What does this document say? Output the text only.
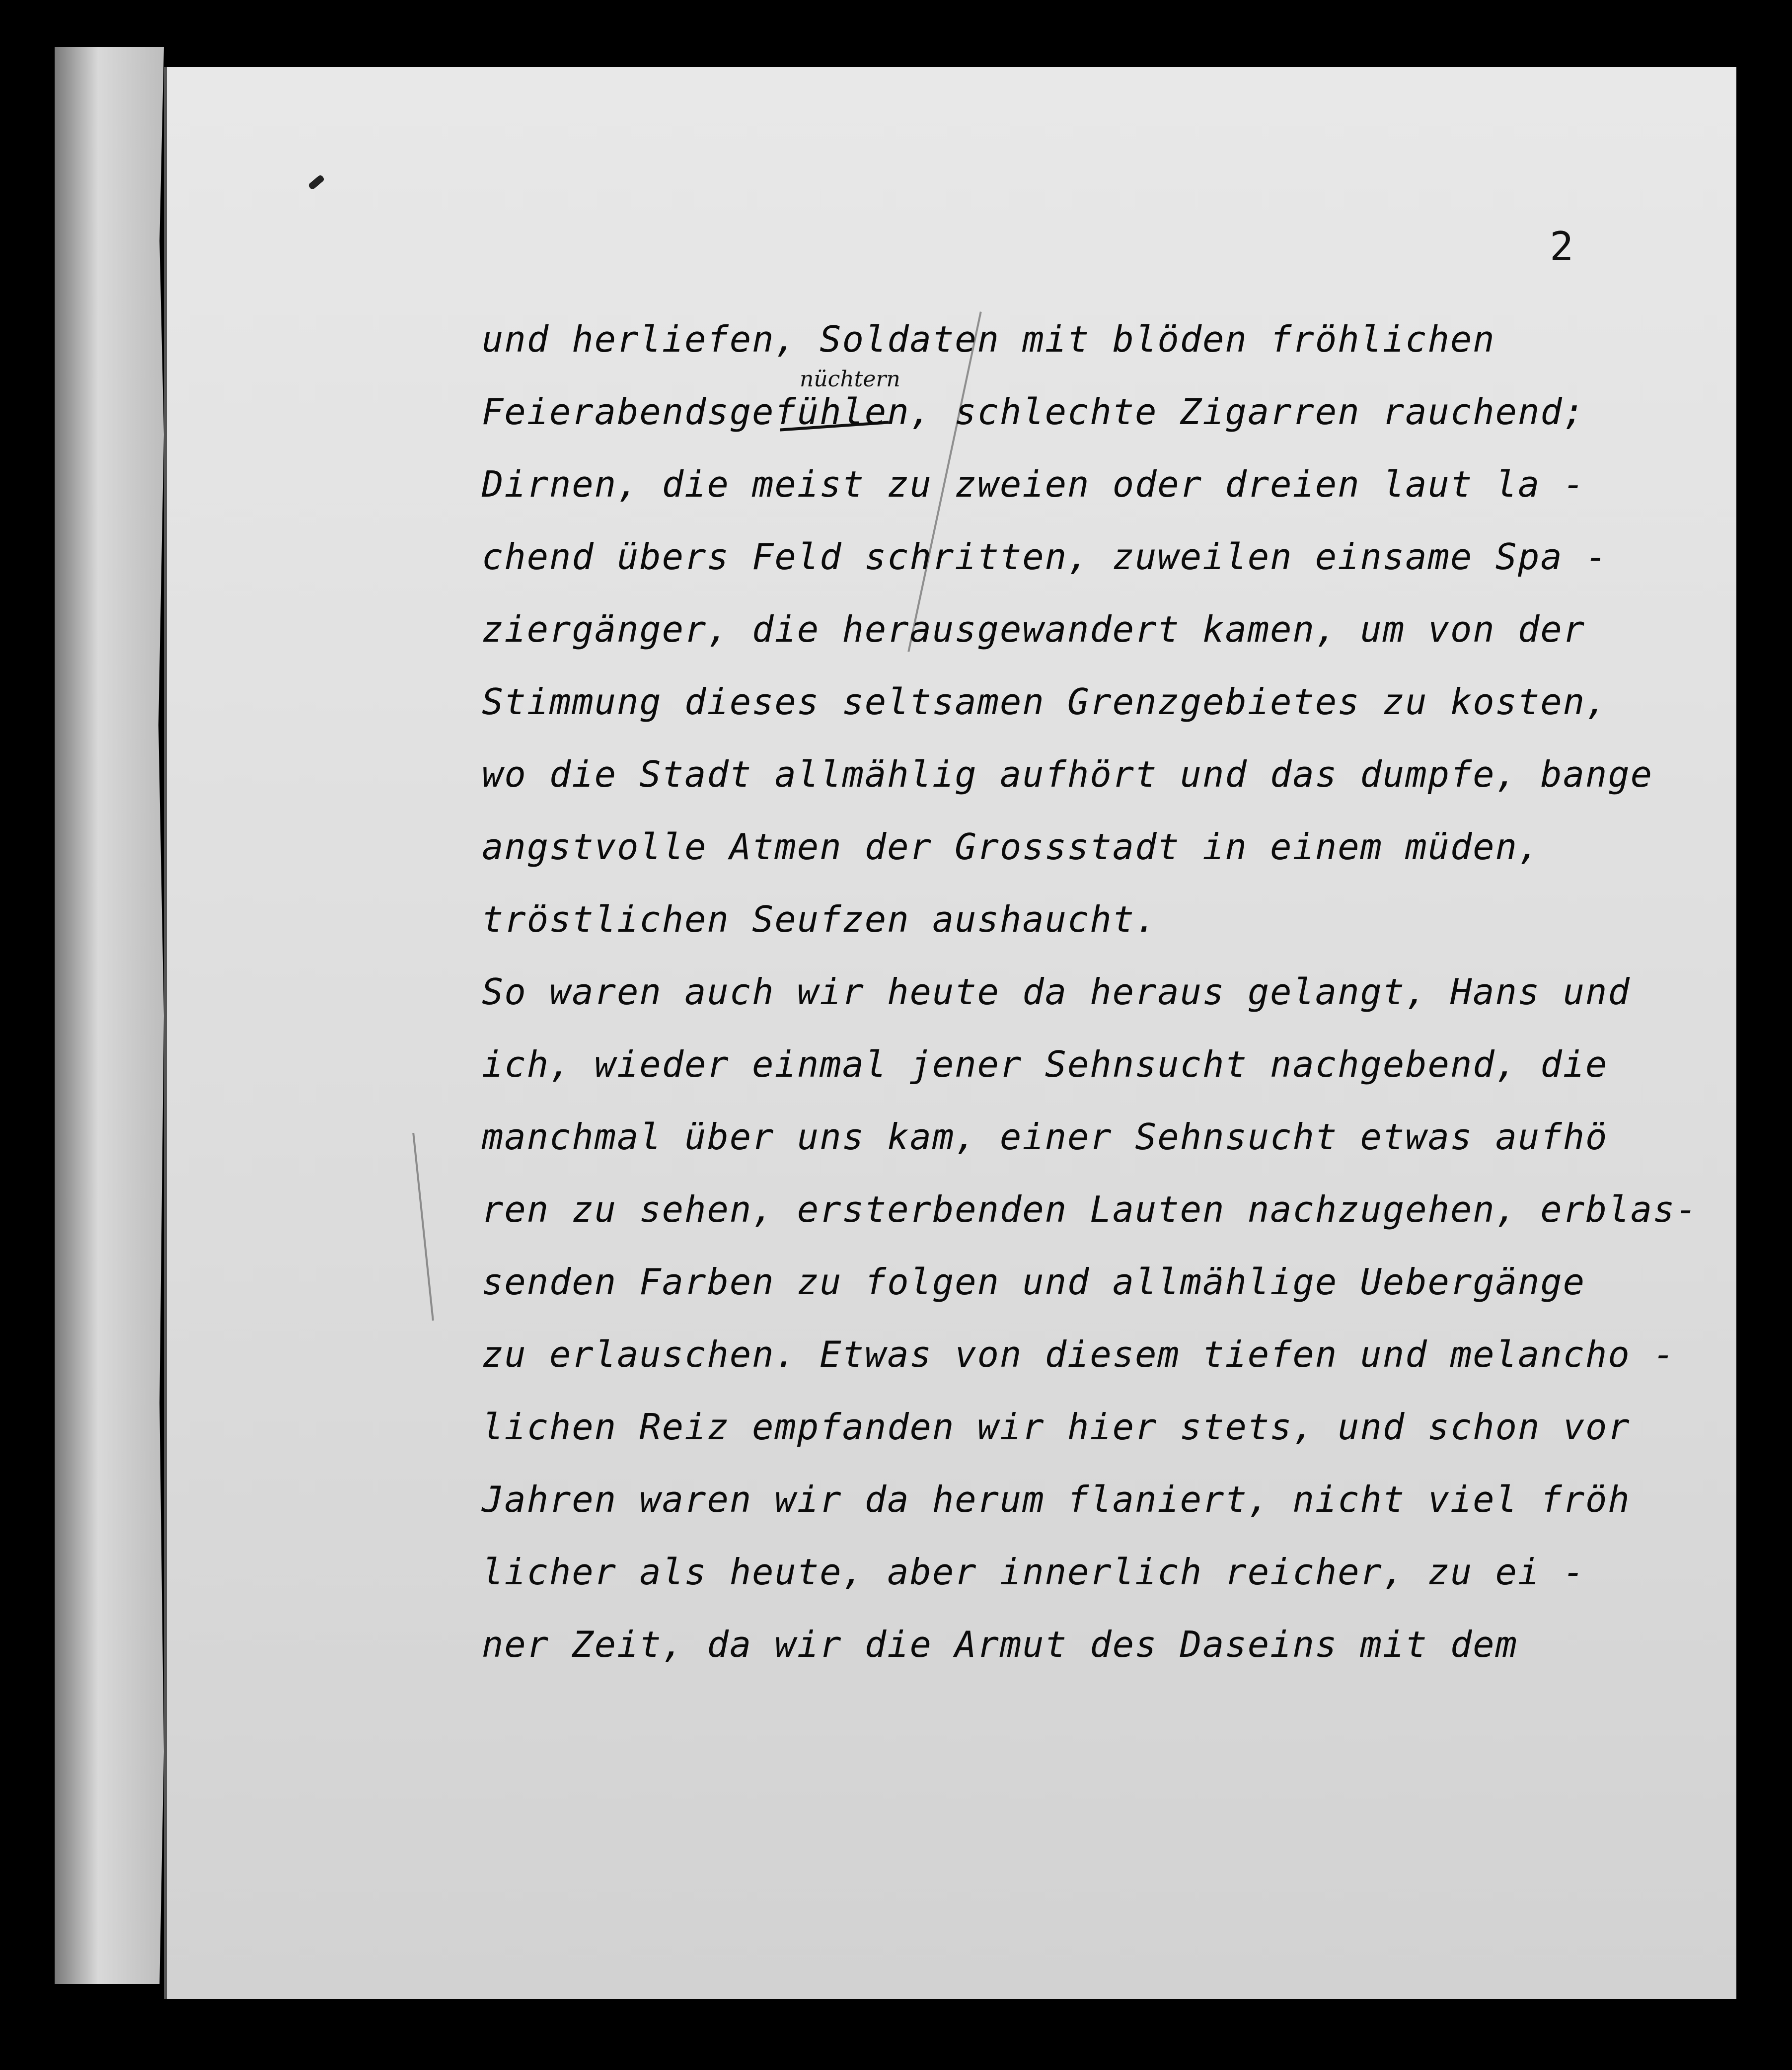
2
nüchtern
und herliefen, Soldaten mit blöden fröhlichen
Feierabendsgefühlen, schlechte Zigarren rauchend;
Dirnen, die meist zu zweien oder dreien laut la -
chend übers Feld schritten, zuweilen einsame Spa -
ziergänger, die herausgewandert kamen, um von der
Stimmung dieses seltsamen Grenzgebietes zu kosten,
wo die Stadt allmählig aufhört und das dumpfe, bange
angstvolle Atmen der Grossstadt in einem müden,
tröstlichen Seufzen aushaucht.
So waren auch wir heute da heraus gelangt, Hans und
ich, wieder einmal jener Sehnsucht nachgebend, die
manchmal über uns kam, einer Sehnsucht etwas aufhö
ren zu sehen, ersterbenden Lauten nachzugehen, erblas-
senden Farben zu folgen und allmählige Uebergänge
zu erlauschen. Etwas von diesem tiefen und melancho -
lichen Reiz empfanden wir hier stets, und schon vor
Jahren waren wir da herum flaniert, nicht viel fröh
licher als heute, aber innerlich reicher, zu ei -
ner Zeit, da wir die Armut des Daseins mit dem
